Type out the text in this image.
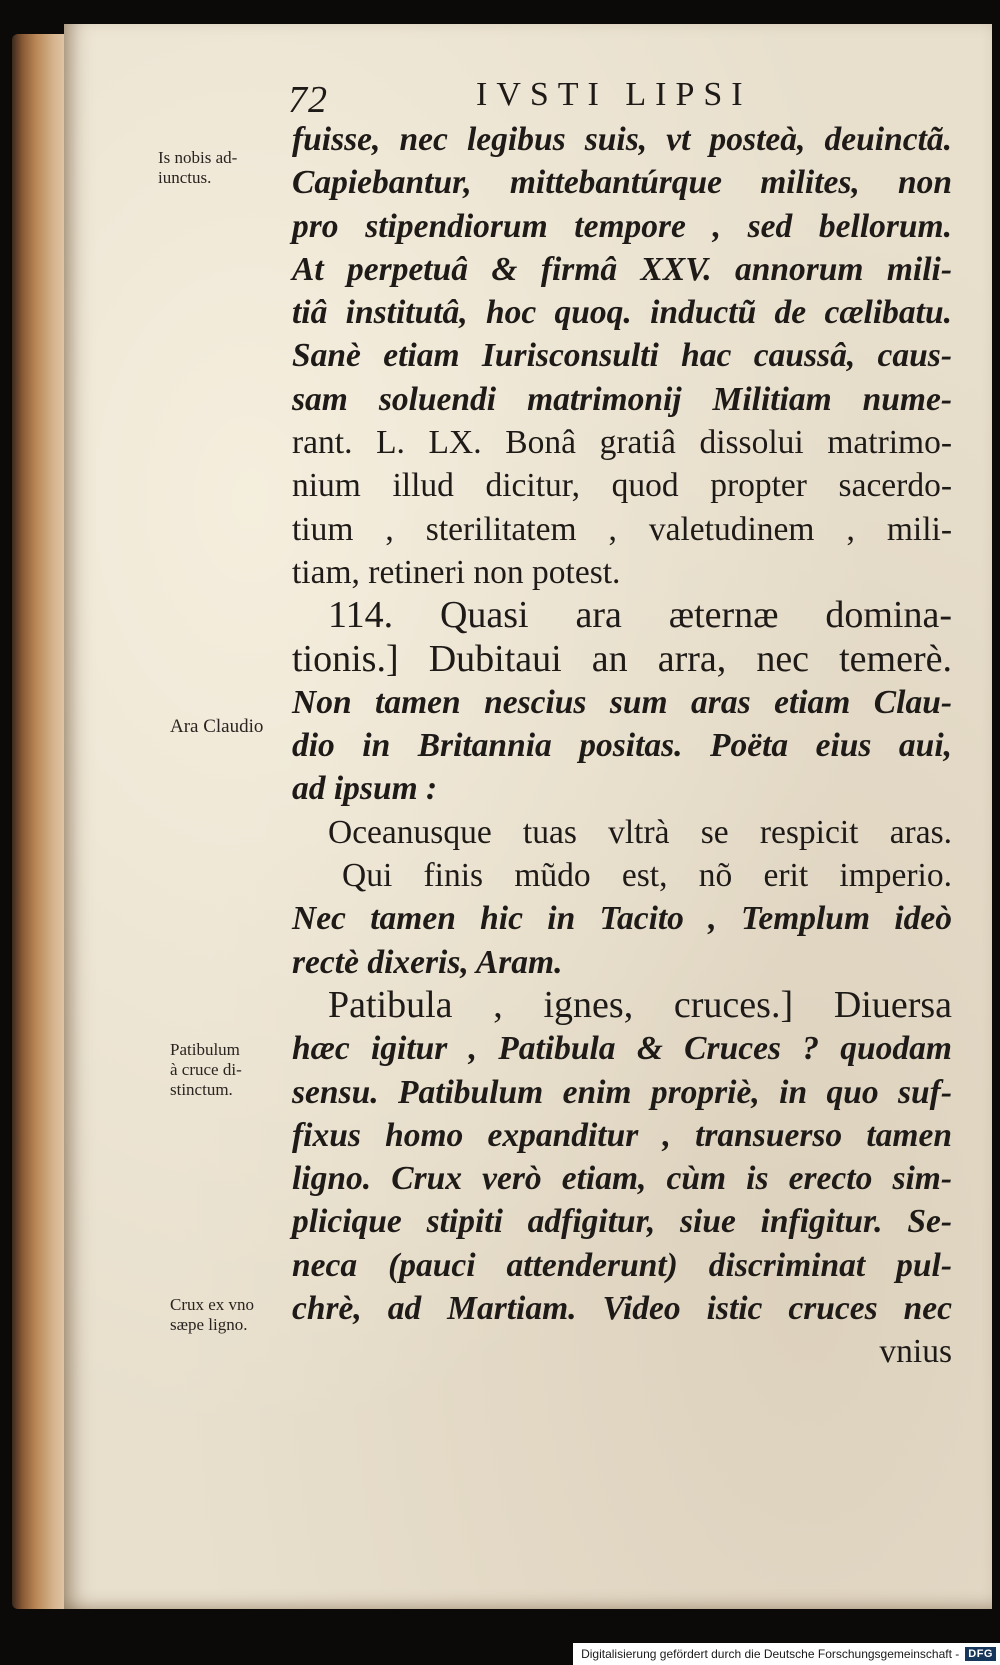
72	IVSTI LIPSI
Is nobis ad-
iunctus.
Ara Claudio
Patibulum
à cruce di-
stinctum.
Crux ex vno
sæpe ligno.
fuisse, nec legibus suis, vt posteà, deuinctã.
Capiebantur, mittebantúrque milites, non
pro stipendiorum tempore , sed bellorum.
At perpetuâ & firmâ XXV. annorum mili-
tiâ institutâ, hoc quoq. inductũ de cælibatu.
Sanè etiam Iurisconsulti hac caussâ, caus-
sam soluendi matrimonij Militiam nume-
rant. L. LX. Bonâ gratiâ dissolui matrimo-
nium illud dicitur, quod propter sacerdo-
tium , sterilitatem , valetudinem , mili-
tiam, retineri non potest.
114. Quasi ara æternæ domina-
tionis.] Dubitaui an arra, nec temerè.
Non tamen nescius sum aras etiam Clau-
dio in Britannia positas. Poëta eius aui,
ad ipsum :
Oceanusque tuas vltrà se respicit aras.
Qui finis mũdo est, nõ erit imperio.
Nec tamen hic in Tacito , Templum ideò
rectè dixeris, Aram.
Patibula , ignes, cruces.] Diuersa
hæc igitur , Patibula & Cruces ? quodam
sensu. Patibulum enim propriè, in quo suf-
fixus homo expanditur , transuerso tamen
ligno. Crux verò etiam, cùm is erecto sim-
plicique stipiti adfigitur, siue infigitur. Se-
neca (pauci attenderunt) discriminat pul-
chrè, ad Martiam. Video istic cruces nec
vnius
Digitalisierung gefördert durch die Deutsche Forschungsgemeinschaft - DFG
